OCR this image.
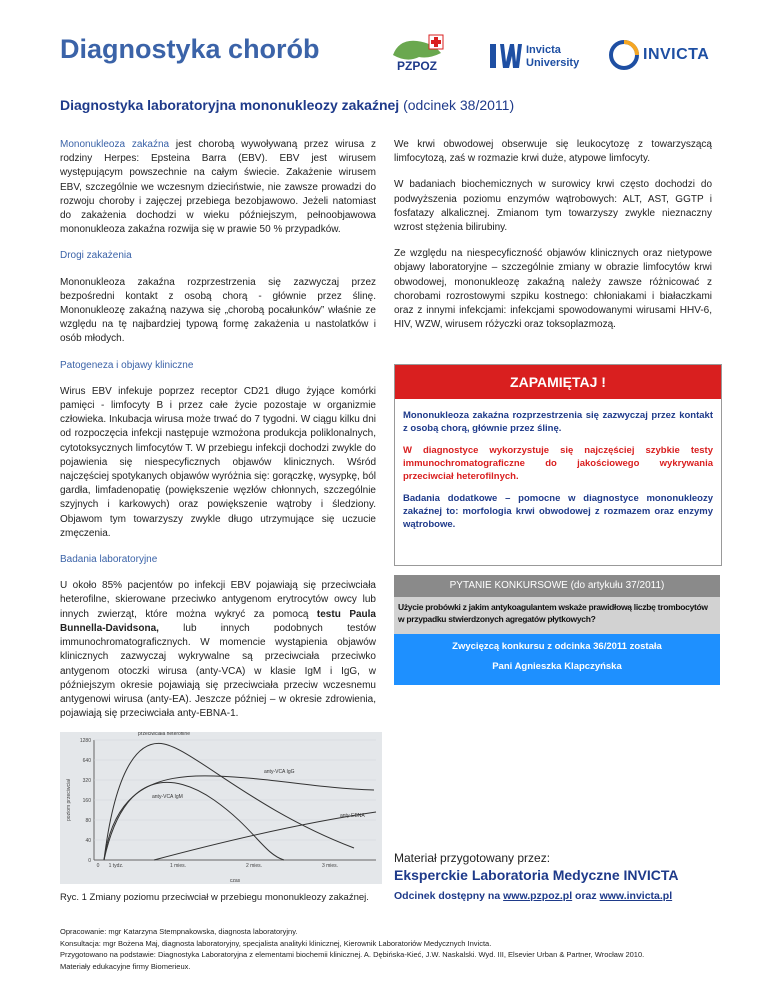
Diagnostyka chorób
PZPOZ
Invicta
University	INVICTA
Diagnostyka laboratoryjna mononukleozy zakaźnej (odcinek 38/2011)

Mononukleoza zakaźna jest chorobą wywoływaną przez wirusa z rodziny Herpes: Epsteina Barra (EBV). EBV jest wirusem występującym powszechnie na całym świecie. Zakażenie wirusem EBV, szczególnie we wczesnym dzieciństwie, nie zawsze prowadzi do rozwoju choroby i zajęczej przebiega bezobjawowo. Jeżeli natomiast do zakażenia dochodzi w wieku późniejszym, pełnoobjawowa mononukleoza zakaźna rozwija się w prawie 50 % przypadków.

Drogi zakażenia

Mononukleoza zakaźna rozprzestrzenia się zazwyczaj przez bezpośredni kontakt z osobą chorą - głównie przez ślinę. Mononukleozę zakaźną nazywa się „chorobą pocałunków” właśnie ze względu na tę najbardziej typową formę zakażenia u nastolatków i osób młodych.

Patogeneza i objawy kliniczne

Wirus EBV infekuje poprzez receptor CD21 długo żyjące komórki pamięci - limfocyty B i przez całe życie pozostaje w organizmie człowieka. Inkubacja wirusa może trwać do 7 tygodni. W ciągu kilku dni od rozpoczęcia infekcji następuje wzmożona produkcja poliklonalnych, cytotoksycznych limfocytów T. W przebiegu infekcji dochodzi zwykle do pojawienia się niespecyficznych objawów klinicznych. Wśród najczęściej spotykanych objawów wyróżnia się: gorączkę, wysypkę, ból gardła, limfadenopatię (powiększenie węzłów chłonnych, szczególnie szyjnych i karkowych) oraz powiększenie wątroby i śledziony. Objawom tym towarzyszy zwykle długo utrzymujące się uczucie zmęczenia.

Badania laboratoryjne

U około 85% pacjentów po infekcji EBV pojawiają się przeciwciała heterofilne, skierowane przeciwko antygenom erytrocytów owcy lub innych zwierząt, które można wykryć za pomocą testu Paula Bunnella-Davidsona, lub innych podobnych testów immunochromatograficznych. W momencie wystąpienia objawów klinicznych zazwyczaj wykrywalne są przeciwciała przeciwko antygenom otoczki wirusa (anty-VCA) w klasie IgM i IgG, w późniejszym okresie pojawiają się przeciwciała przeciw wczesnemu antygenowi wirusa (anty-EA). Jeszcze później – w okresie zdrowienia, pojawiają się przeciwciała anty-EBNA-1.

0
40
80
160
320
640
1280
0 1 tydz.	1 mies.	2 mies.	3 mies.
czas
poziom przeciwciał
przeciwciała heterofilne
anty-VCA IgG
anty-VCA IgM
anty-EBNA
Ryc. 1 Zmiany poziomu przeciwciał w przebiegu mononukleozy zakaźnej.

We krwi obwodowej obserwuje się leukocytozę z towarzyszącą limfocytozą, zaś w rozmazie krwi duże, atypowe limfocyty.

W badaniach biochemicznych w surowicy krwi często dochodzi do podwyższenia poziomu enzymów wątrobowych: ALT, AST, GGTP i fosfatazy alkalicznej. Zmianom tym towarzyszy zwykle nieznaczny wzrost stężenia bilirubiny.

Ze względu na niespecyficzność objawów klinicznych oraz nietypowe objawy laboratoryjne – szczególnie zmiany w obrazie limfocytów krwi obwodowej, mononukleozę zakaźną należy zawsze różnicować z chorobami rozrostowymi szpiku kostnego: chłoniakami i białaczkami oraz z innymi infekcjami: infekcjami spowodowanymi wirusami HHV-6, HIV, WZW, wirusem różyczki oraz toksoplazmozą.

ZAPAMIĘTAJ !
Mononukleoza zakaźna rozprzestrzenia się zazwyczaj przez kontakt z osobą chorą, głównie przez ślinę.
W diagnostyce wykorzystuje się najczęściej szybkie testy immunochromatograficzne do jakościowego wykrywania przeciwciał heterofilnych.
Badania dodatkowe – pomocne w diagnostyce mononukleozy zakaźnej to: morfologia krwi obwodowej z rozmazem oraz enzymy wątrobowe.
PYTANIE KONKURSOWE (do artykułu 37/2011)
Użycie probówki z jakim antykoagulantem wskaże prawidłową liczbę trombocytów w przypadku stwierdzonych agregatów płytkowych?
Zwycięzcą konkursu z odcinka 36/2011 została
Pani Agnieszka Klapczyńska
Materiał przygotowany przez:
Eksperckie Laboratoria Medyczne INVICTA
Odcinek dostępny na www.pzpoz.pl oraz www.invicta.pl
Opracowanie: mgr Katarzyna Stempnakowska, diagnosta laboratoryjny.
Konsultacja: mgr Bożena Maj, diagnosta laboratoryjny, specjalista analityki klinicznej, Kierownik Laboratoriów Medycznych Invicta.
Przygotowano na podstawie: Diagnostyka Laboratoryjna z elementami biochemii klinicznej. A. Dębińska-Kieć, J.W. Naskalski. Wyd. III, Elsevier Urban & Partner, Wrocław 2010.
Materiały edukacyjne firmy Biomerieux.
